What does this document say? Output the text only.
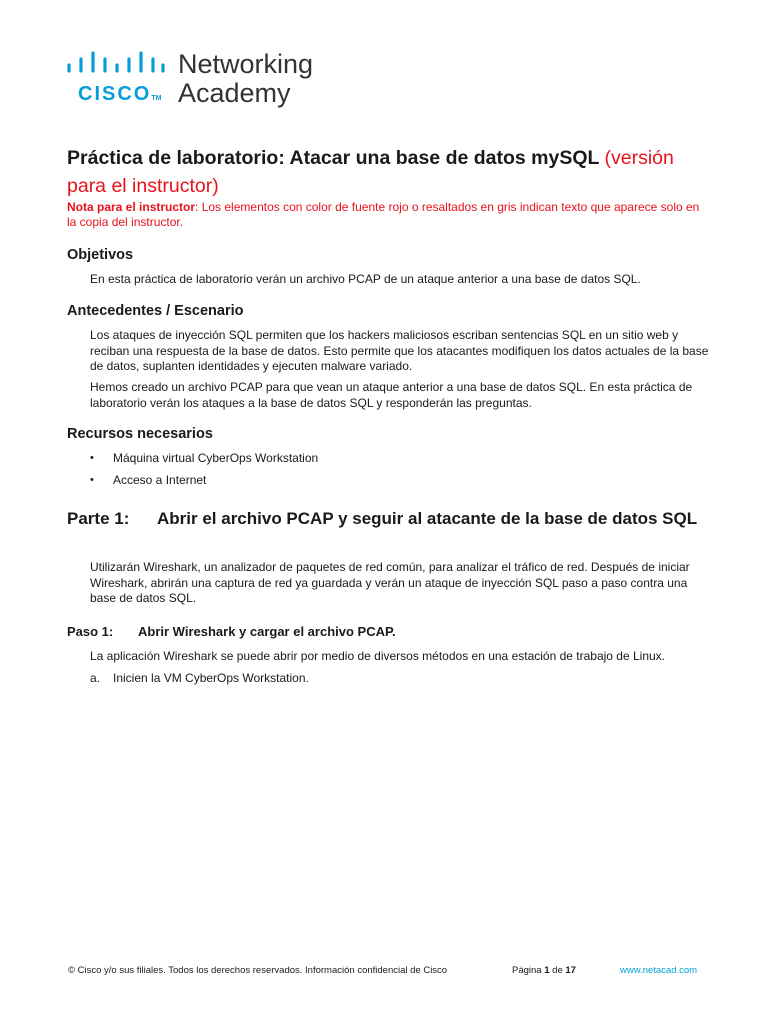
CISCOTM
Networking
Academy
Práctica de laboratorio: Atacar una base de datos mySQL (versión para el instructor)

Nota para el instructor: Los elementos con color de fuente rojo o resaltados en gris indican texto que aparece solo en la copia del instructor.

Objetivos

En esta práctica de laboratorio verán un archivo PCAP de un ataque anterior a una base de datos SQL.

Antecedentes / Escenario

Los ataques de inyección SQL permiten que los hackers maliciosos escriban sentencias SQL en un sitio web y reciban una respuesta de la base de datos. Esto permite que los atacantes modifiquen los datos actuales de la base de datos, suplanten identidades y ejecuten malware variado.

Hemos creado un archivo PCAP para que vean un ataque anterior a una base de datos SQL. En esta práctica de laboratorio verán los ataques a la base de datos SQL y responderán las preguntas.

Recursos necesarios
• Máquina virtual CyberOps Workstation
• Acceso a Internet
Parte 1: Abrir el archivo PCAP y seguir al atacante de la base de datos SQL

Utilizarán Wireshark, un analizador de paquetes de red común, para analizar el tráfico de red. Después de iniciar Wireshark, abrirán una captura de red ya guardada y verán un ataque de inyección SQL paso a paso contra una base de datos SQL.

Paso 1: Abrir Wireshark y cargar el archivo PCAP.

La aplicación Wireshark se puede abrir por medio de diversos métodos en una estación de trabajo de Linux.

a. Inicien la VM CyberOps Workstation.

© Cisco y/o sus filiales. Todos los derechos reservados. Información confidencial de Cisco	Página 1 de 17	www.netacad.com
